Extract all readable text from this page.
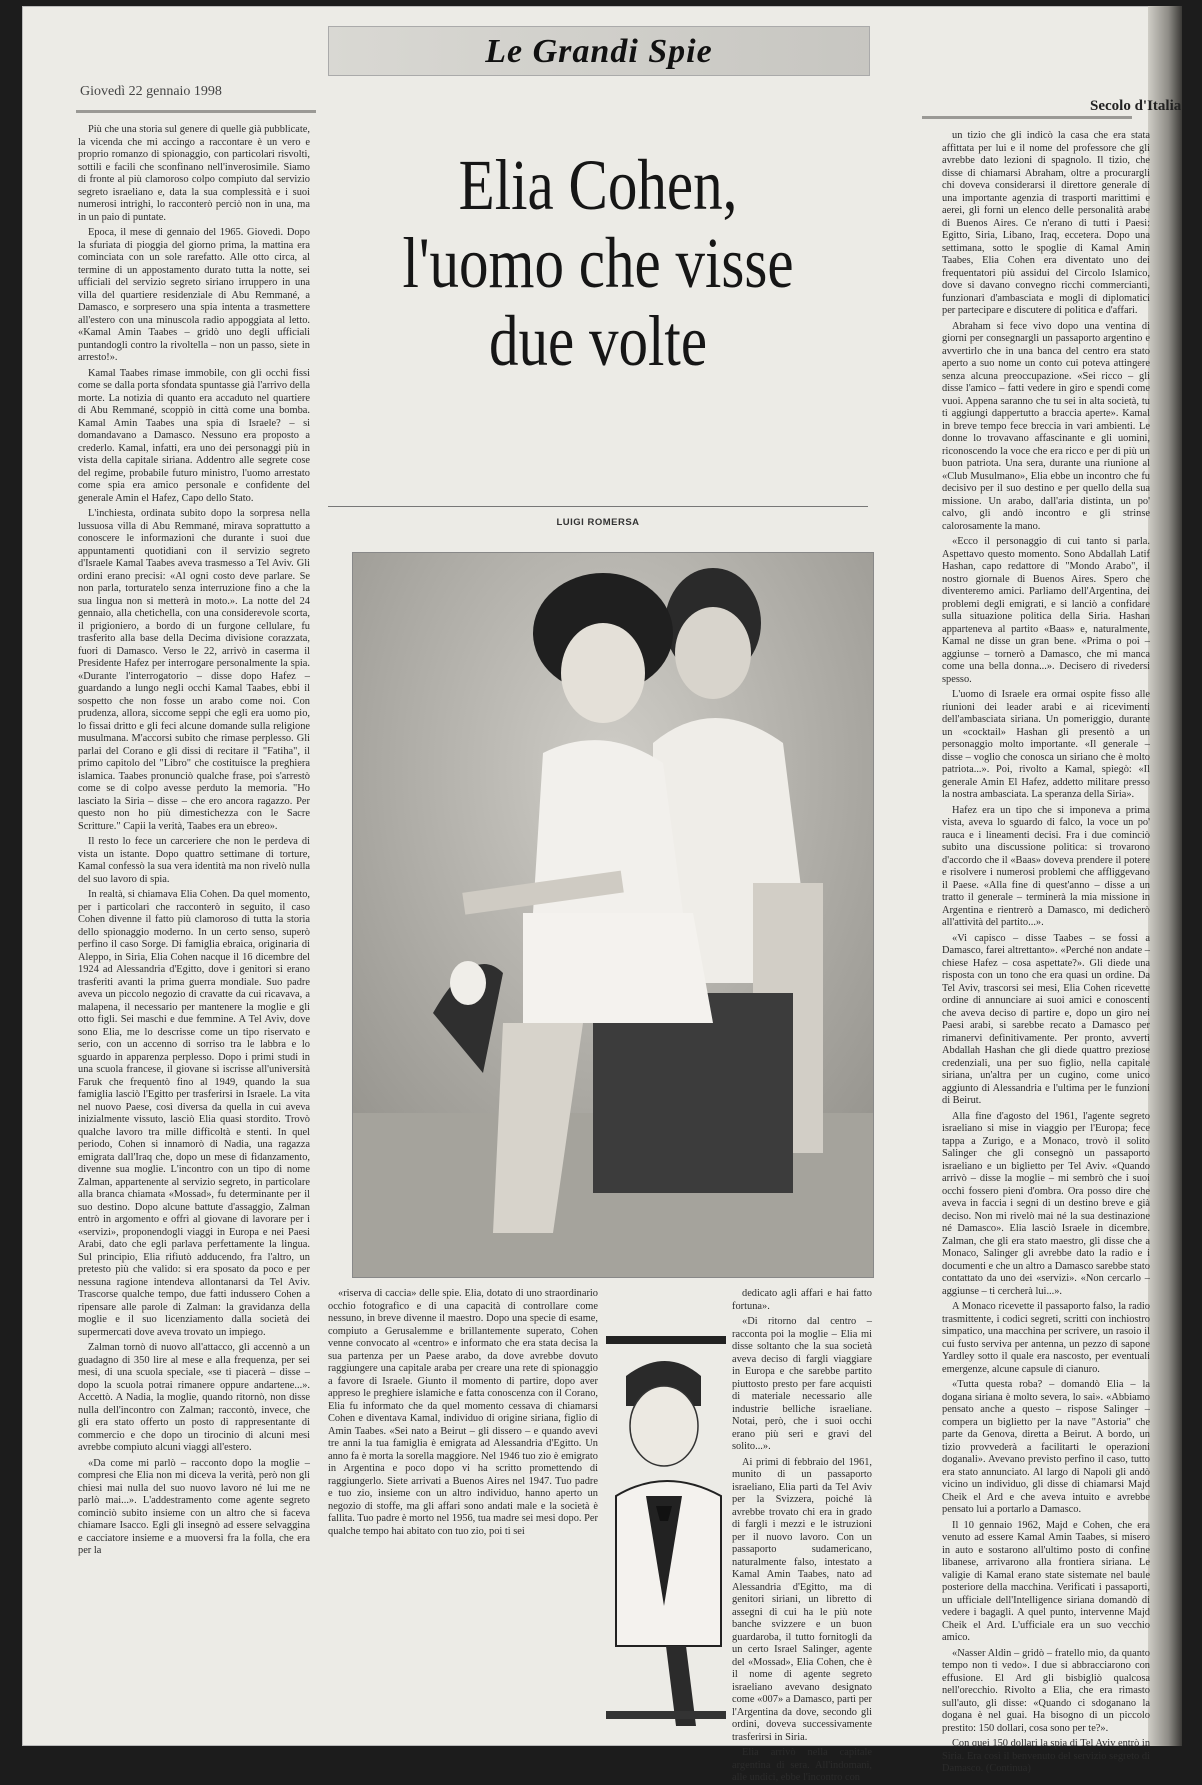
Giovedì 22 gennaio 1998
Le Grandi Spie
Secolo d'Italia
Elia Cohen,
l'uomo che visse
due volte
LUIGI ROMERSA

Più che una storia sul genere di quelle già pubblicate, la vicenda che mi accingo a raccontare è un vero e proprio romanzo di spionaggio, con particolari risvolti, sottili e facili che sconfinano nell'inverosimile. Siamo di fronte al più clamoroso colpo compiuto dal servizio segreto israeliano e, data la sua complessità e i suoi numerosi intrighi, lo racconterò perciò non in una, ma in un paio di puntate.

Epoca, il mese di gennaio del 1965. Giovedì. Dopo la sfuriata di pioggia del giorno prima, la mattina era cominciata con un sole rarefatto. Alle otto circa, al termine di un appostamento durato tutta la notte, sei ufficiali del servizio segreto siriano irruppero in una villa del quartiere residenziale di Abu Remmané, a Damasco, e sorpresero una spia intenta a trasmettere all'estero con una minuscola radio appoggiata al letto. «Kamal Amin Taabes – gridò uno degli ufficiali puntandogli contro la rivoltella – non un passo, siete in arresto!».

Kamal Taabes rimase immobile, con gli occhi fissi come se dalla porta sfondata spuntasse già l'arrivo della morte. La notizia di quanto era accaduto nel quartiere di Abu Remmané, scoppiò in città come una bomba. Kamal Amin Taabes una spia di Israele? – si domandavano a Damasco. Nessuno era proposto a crederlo. Kamal, infatti, era uno dei personaggi più in vista della capitale siriana. Addentro alle segrete cose del regime, probabile futuro ministro, l'uomo arrestato come spia era amico personale e confidente del generale Amin el Hafez, Capo dello Stato.

L'inchiesta, ordinata subito dopo la sorpresa nella lussuosa villa di Abu Remmané, mirava soprattutto a conoscere le informazioni che durante i suoi due appuntamenti quotidiani con il servizio segreto d'Israele Kamal Taabes aveva trasmesso a Tel Aviv. Gli ordini erano precisi: «Al ogni costo deve parlare. Se non parla, torturatelo senza interruzione fino a che la sua lingua non si metterà in moto.». La notte del 24 gennaio, alla chetichella, con una considerevole scorta, il prigioniero, a bordo di un furgone cellulare, fu trasferito alla base della Decima divisione corazzata, fuori di Damasco. Verso le 22, arrivò in caserma il Presidente Hafez per interrogare personalmente la spia. «Durante l'interrogatorio – disse dopo Hafez – guardando a lungo negli occhi Kamal Taabes, ebbi il sospetto che non fosse un arabo come noi. Con prudenza, allora, siccome seppi che egli era uomo pio, lo fissai dritto e gli feci alcune domande sulla religione musulmana. M'accorsi subito che rimase perplesso. Gli parlai del Corano e gli dissi di recitare il "Fatiha", il primo capitolo del "Libro" che costituisce la preghiera islamica. Taabes pronunciò qualche frase, poi s'arrestò come se di colpo avesse perduto la memoria. "Ho lasciato la Siria – disse – che ero ancora ragazzo. Per questo non ho più dimestichezza con le Sacre Scritture." Capii la verità, Taabes era un ebreo».

Il resto lo fece un carceriere che non le perdeva di vista un istante. Dopo quattro settimane di torture, Kamal confessò la sua vera identità ma non rivelò nulla del suo lavoro di spia.

In realtà, si chiamava Elia Cohen. Da quel momento, per i particolari che racconterò in seguito, il caso Cohen divenne il fatto più clamoroso di tutta la storia dello spionaggio moderno. In un certo senso, superò perfino il caso Sorge. Di famiglia ebraica, originaria di Aleppo, in Siria, Elia Cohen nacque il 16 dicembre del 1924 ad Alessandria d'Egitto, dove i genitori si erano trasferiti avanti la prima guerra mondiale. Suo padre aveva un piccolo negozio di cravatte da cui ricavava, a malapena, il necessario per mantenere la moglie e gli otto figli. Sei maschi e due femmine. A Tel Aviv, dove sono Elia, me lo descrisse come un tipo riservato e serio, con un accenno di sorriso tra le labbra e lo sguardo in apparenza perplesso. Dopo i primi studi in una scuola francese, il giovane si iscrisse all'università Faruk che frequentò fino al 1949, quando la sua famiglia lasciò l'Egitto per trasferirsi in Israele. La vita nel nuovo Paese, così diversa da quella in cui aveva inizialmente vissuto, lasciò Elia quasi stordito. Trovò qualche lavoro tra mille difficoltà e stenti. In quel periodo, Cohen si innamorò di Nadia, una ragazza emigrata dall'Iraq che, dopo un mese di fidanzamento, divenne sua moglie. L'incontro con un tipo di nome Zalman, appartenente al servizio segreto, in particolare alla branca chiamata «Mossad», fu determinante per il suo destino. Dopo alcune battute d'assaggio, Zalman entrò in argomento e offrì al giovane di lavorare per i «servizi», proponendogli viaggi in Europa e nei Paesi Arabi, dato che egli parlava perfettamente la lingua. Sul principio, Elia rifiutò adducendo, fra l'altro, un pretesto più che valido: si era sposato da poco e per nessuna ragione intendeva allontanarsi da Tel Aviv. Trascorse qualche tempo, due fatti indussero Cohen a ripensare alle parole di Zalman: la gravidanza della moglie e il suo licenziamento dalla società dei supermercati dove aveva trovato un impiego.

Zalman tornò di nuovo all'attacco, gli accennò a un guadagno di 350 lire al mese e alla frequenza, per sei mesi, di una scuola speciale, «se ti piacerà – disse – dopo la scuola potrai rimanere oppure andartene...». Accettò. A Nadia, la moglie, quando ritornò, non disse nulla dell'incontro con Zalman; raccontò, invece, che gli era stato offerto un posto di rappresentante di commercio e che dopo un tirocinio di alcuni mesi avrebbe compiuto alcuni viaggi all'estero.

«Da come mi parlò – racconto dopo la moglie – compresi che Elia non mi diceva la verità, però non gli chiesi mai nulla del suo nuovo lavoro né lui me ne parlò mai...». L'addestramento come agente segreto cominciò subito insieme con un altro che si faceva chiamare Isacco. Egli gli insegnò ad essere selvaggina e cacciatore insieme e a muoversi fra la folla, che era per la

«riserva di caccia» delle spie. Elia, dotato di uno straordinario occhio fotografico e di una capacità di controllare come nessuno, in breve divenne il maestro. Dopo una specie di esame, compiuto a Gerusalemme e brillantemente superato, Cohen venne convocato al «centro» e informato che era stata decisa la sua partenza per un Paese arabo, da dove avrebbe dovuto raggiungere una capitale araba per creare una rete di spionaggio a favore di Israele. Giunto il momento di partire, dopo aver appreso le preghiere islamiche e fatta conoscenza con il Corano, Elia fu informato che da quel momento cessava di chiamarsi Cohen e diventava Kamal, individuo di origine siriana, figlio di Amin Taabes. «Sei nato a Beirut – gli dissero – e quando avevi tre anni la tua famiglia è emigrata ad Alessandria d'Egitto. Un anno fa è morta la sorella maggiore. Nel 1946 tuo zio è emigrato in Argentina e poco dopo vi ha scritto promettendo di raggiungerlo. Siete arrivati a Buenos Aires nel 1947. Tuo padre e tuo zio, insieme con un altro individuo, hanno aperto un negozio di stoffe, ma gli affari sono andati male e la società è fallita. Tuo padre è morto nel 1956, tua madre sei mesi dopo. Per qualche tempo hai abitato con tuo zio, poi ti sei

dedicato agli affari e hai fatto fortuna».

«Di ritorno dal centro – racconta poi la moglie – Elia mi disse soltanto che la sua società aveva deciso di fargli viaggiare in Europa e che sarebbe partito piuttosto presto per fare acquisti di materiale necessario alle industrie belliche israeliane. Notai, però, che i suoi occhi erano più seri e gravi del solito...».

Ai primi di febbraio del 1961, munito di un passaporto israeliano, Elia partì da Tel Aviv per la Svizzera, poiché là avrebbe trovato chi era in grado di fargli i mezzi e le istruzioni per il nuovo lavoro. Con un passaporto sudamericano, naturalmente falso, intestato a Kamal Amin Taabes, nato ad Alessandria d'Egitto, ma di genitori siriani, un libretto di assegni di cui ha le più note banche svizzere e un buon guardaroba, il tutto fornitogli da un certo Israel Salinger, agente del «Mossad», Elia Cohen, che è il nome di agente segreto israeliano avevano designato come «007» a Damasco, partì per l'Argentina da dove, secondo gli ordini, doveva successivamente trasferirsi in Siria.

Elia arrivò nella capitale argentina di sera. All'indomani, alle undici, ebbe l'incontro con

un tizio che gli indicò la casa che era stata affittata per lui e il nome del professore che gli avrebbe dato lezioni di spagnolo. Il tizio, che disse di chiamarsi Abraham, oltre a procurargli chi doveva considerarsi il direttore generale di una importante agenzia di trasporti marittimi e aerei, gli fornì un elenco delle personalità arabe di Buenos Aires. Ce n'erano di tutti i Paesi: Egitto, Siria, Libano, Iraq, eccetera. Dopo una settimana, sotto le spoglie di Kamal Amin Taabes, Elia Cohen era diventato uno dei frequentatori più assidui del Circolo Islamico, dove si davano convegno ricchi commercianti, funzionari d'ambasciata e mogli di diplomatici per partecipare e discutere di politica e d'affari.

Abraham si fece vivo dopo una ventina di giorni per consegnargli un passaporto argentino e avvertirlo che in una banca del centro era stato aperto a suo nome un conto cui poteva attingere senza alcuna preoccupazione. «Sei ricco – gli disse l'amico – fatti vedere in giro e spendi come vuoi. Appena saranno che tu sei in alta società, tu ti aggiungi dappertutto a braccia aperte». Kamal in breve tempo fece breccia in vari ambienti. Le donne lo trovavano affascinante e gli uomini, riconoscendo la voce che era ricco e per di più un buon patriota. Una sera, durante una riunione al «Club Musulmano», Elia ebbe un incontro che fu decisivo per il suo destino e per quello della sua missione. Un arabo, dall'aria distinta, un po' calvo, gli andò incontro e gli strinse calorosamente la mano.

«Ecco il personaggio di cui tanto si parla. Aspettavo questo momento. Sono Abdallah Latif Hashan, capo redattore di "Mondo Arabo", il nostro giornale di Buenos Aires. Spero che diventeremo amici. Parliamo dell'Argentina, dei problemi degli emigrati, e si lanciò a confidare sulla situazione politica della Siria. Hashan apparteneva al partito «Baas» e, naturalmente, Kamal ne disse un gran bene. «Prima o poi – aggiunse – tornerò a Damasco, che mi manca come una bella donna...». Decisero di rivedersi spesso.

L'uomo di Israele era ormai ospite fisso alle riunioni dei leader arabi e ai ricevimenti dell'ambasciata siriana. Un pomeriggio, durante un «cocktail» Hashan gli presentò a un personaggio molto importante. «Il generale – disse – voglio che conosca un siriano che è molto patriota...». Poi, rivolto a Kamal, spiegò: «Il generale Amin El Hafez, addetto militare presso la nostra ambasciata. La speranza della Siria».

Hafez era un tipo che si imponeva a prima vista, aveva lo sguardo di falco, la voce un po' rauca e i lineamenti decisi. Fra i due cominciò subito una discussione politica: si trovarono d'accordo che il «Baas» doveva prendere il potere e risolvere i numerosi problemi che affliggevano il Paese. «Alla fine di quest'anno – disse a un tratto il generale – terminerà la mia missione in Argentina e rientrerò a Damasco, mi dedicherò all'attività del partito...».

«Vi capisco – disse Taabes – se fossi a Damasco, farei altrettanto». «Perché non andate – chiese Hafez – cosa aspettate?». Gli diede una risposta con un tono che era quasi un ordine. Da Tel Aviv, trascorsi sei mesi, Elia Cohen ricevette ordine di annunciare ai suoi amici e conoscenti che aveva deciso di partire e, dopo un giro nei Paesi arabi, si sarebbe recato a Damasco per rimanervi definitivamente. Per pronto, avvertì Abdallah Hashan che gli diede quattro preziose credenziali, una per suo figlio, nella capitale siriana, un'altra per un cugino, come unico aggiunto di Alessandria e l'ultima per le funzioni di Beirut.

Alla fine d'agosto del 1961, l'agente segreto israeliano si mise in viaggio per l'Europa; fece tappa a Zurigo, e a Monaco, trovò il solito Salinger che gli consegnò un passaporto israeliano e un biglietto per Tel Aviv. «Quando arrivò – disse la moglie – mi sembrò che i suoi occhi fossero pieni d'ombra. Ora posso dire che aveva in faccia i segni di un destino breve e già deciso. Non mi rivelò mai né la sua destinazione né Damasco». Elia lasciò Israele in dicembre. Zalman, che gli era stato maestro, gli disse che a Monaco, Salinger gli avrebbe dato la radio e i documenti e che un altro a Damasco sarebbe stato contattato da uno dei «servizi». «Non cercarlo – aggiunse – ti cercherà lui...».

A Monaco ricevette il passaporto falso, la radio trasmittente, i codici segreti, scritti con inchiostro simpatico, una macchina per scrivere, un rasoio il cui fusto serviva per antenna, un pezzo di sapone Yardley sotto il quale era nascosto, per eventuali emergenze, alcune capsule di cianuro.

«Tutta questa roba? – domandò Elia – la dogana siriana è molto severa, lo sai». «Abbiamo pensato anche a questo – rispose Salinger – compera un biglietto per la nave "Astoria" che parte da Genova, diretta a Beirut. A bordo, un tizio provvederà a facilitarti le operazioni doganali». Avevano previsto perfino il caso, tutto era stato annunciato. Al largo di Napoli gli andò vicino un individuo, gli disse di chiamarsi Majd Cheik el Ard e che aveva intuito e avrebbe pensato lui a portarlo a Damasco.

Il 10 gennaio 1962, Majd e Cohen, che era venuto ad essere Kamal Amin Taabes, si misero in auto e sostarono all'ultimo posto di confine libanese, arrivarono alla frontiera siriana. Le valigie di Kamal erano state sistemate nel baule posteriore della macchina. Verificati i passaporti, un ufficiale dell'Intelligence siriana domandò di vedere i bagagli. A quel punto, intervenne Majd Cheik el Ard. L'ufficiale era un suo vecchio amico.

«Nasser Aldin – gridò – fratello mio, da quanto tempo non ti vedo». I due si abbracciarono con effusione. El Ard gli bisbigliò qualcosa nell'orecchio. Rivolto a Elia, che era rimasto sull'auto, gli disse: «Quando ci sdoganano la dogana è nel guai. Ha bisogno di un piccolo prestito: 150 dollari, cosa sono per te?».

Con quei 150 dollari la spia di Tel Aviv entrò in Siria. Era così il benvenuto del servizio segreto di Damasco. (Continua)
